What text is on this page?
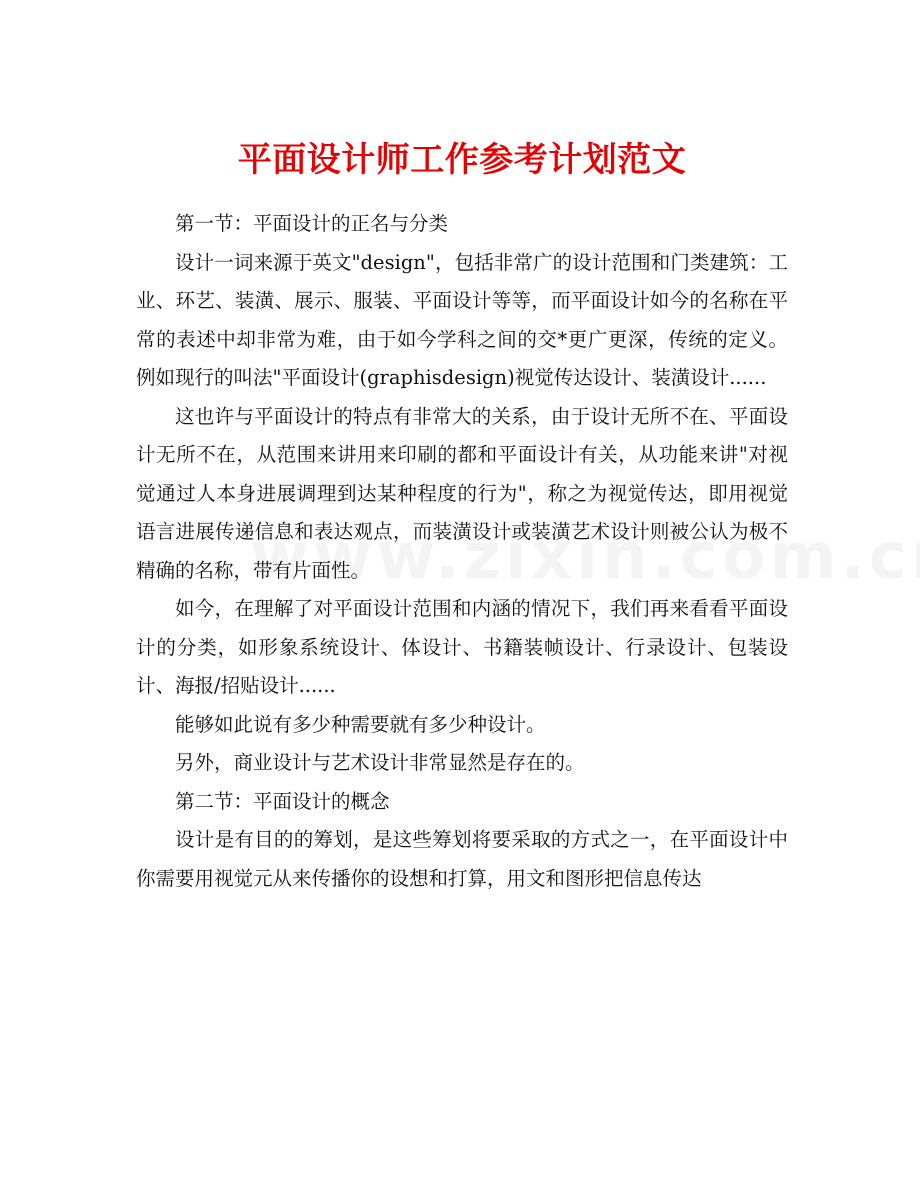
平面设计师工作参考计划范文

第一节：平面设计的正名与分类

设计一词来源于英文"design"，包括非常广的设计范围和门类建筑：工业、环艺、装潢、展示、服装、平面设计等等，而平面设计如今的名称在平常的表述中却非常为难，由于如今学科之间的交*更广更深，传统的定义。例如现行的叫法"平面设计(graphisdesign)视觉传达设计、装潢设计......

这也许与平面设计的特点有非常大的关系，由于设计无所不在、平面设计无所不在，从范围来讲用来印刷的都和平面设计有关，从功能来讲"对视觉通过人本身进展调理到达某种程度的行为"，称之为视觉传达，即用视觉语言进展传递信息和表达观点，而装潢设计或装潢艺术设计则被公认为极不精确的名称，带有片面性。

如今，在理解了对平面设计范围和内涵的情况下，我们再来看看平面设计的分类，如形象系统设计、体设计、书籍装帧设计、行录设计、包装设计、海报/招贴设计......

能够如此说有多少种需要就有多少种设计。

另外，商业设计与艺术设计非常显然是存在的。

第二节：平面设计的概念

设计是有目的的筹划，是这些筹划将要采取的方式之一，在平面设计中你需要用视觉元从来传播你的设想和打算，用文和图形把信息传达
